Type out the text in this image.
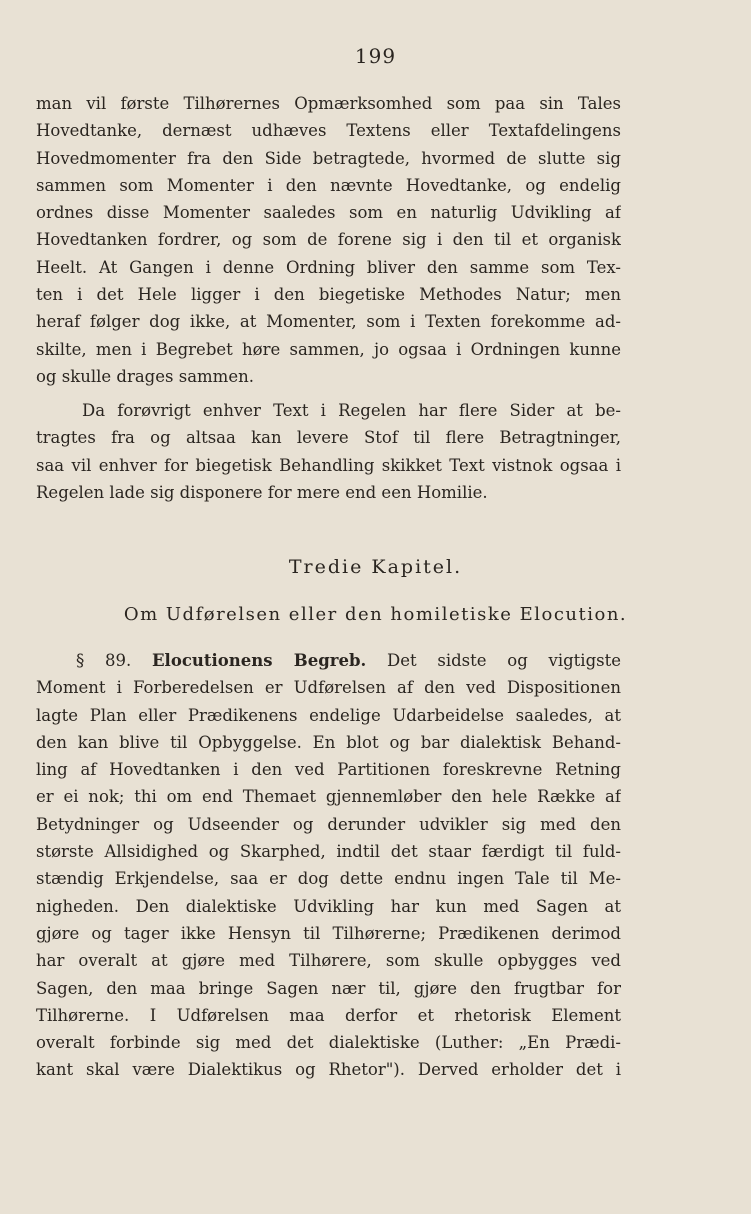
199
man vil første Tilhørernes Opmærksomhed som paa sin Tales
Hovedtanke, dernæst udhæves Textens eller Textafdelingens
Hovedmomenter fra den Side betragtede, hvormed de slutte sig
sammen som Momenter i den nævnte Hovedtanke, og endelig
ordnes disse Momenter saaledes som en naturlig Udvikling af
Hovedtanken fordrer, og som de forene sig i den til et organisk
Heelt. At Gangen i denne Ordning bliver den samme som Tex-
ten i det Hele ligger i den biegetiske Methodes Natur; men
heraf følger dog ikke, at Momenter, som i Texten forekomme ad-
skilte, men i Begrebet høre sammen, jo ogsaa i Ordningen kunne
og skulle drages sammen.
Da forøvrigt enhver Text i Regelen har flere Sider at be-
tragtes fra og altsaa kan levere Stof til flere Betragtninger,
saa vil enhver for biegetisk Behandling skikket Text vistnok ogsaa i
Regelen lade sig disponere for mere end een Homilie.
Tredie Kapitel.
Om Udførelsen eller den homiletiske Elocution.
§ 89. Elocutionens Begreb. Det sidste og vigtigste
Moment i Forberedelsen er Udførelsen af den ved Dispositionen
lagte Plan eller Prædikenens endelige Udarbeidelse saaledes, at
den kan blive til Opbyggelse. En blot og bar dialektisk Behand-
ling af Hovedtanken i den ved Partitionen foreskrevne Retning
er ei nok; thi om end Themaet gjennemløber den hele Række af
Betydninger og Udseender og derunder udvikler sig med den
største Allsidighed og Skarphed, indtil det staar færdigt til fuld-
stændig Erkjendelse, saa er dog dette endnu ingen Tale til Me-
nigheden. Den dialektiske Udvikling har kun med Sagen at
gjøre og tager ikke Hensyn til Tilhørerne; Prædikenen derimod
har overalt at gjøre med Tilhørere, som skulle opbygges ved
Sagen, den maa bringe Sagen nær til, gjøre den frugtbar for
Tilhørerne. I Udførelsen maa derfor et rhetorisk Element
overalt forbinde sig med det dialektiske (Luther: „En Prædi-
kant skal være Dialektikus og Rhetor"). Derved erholder det i
